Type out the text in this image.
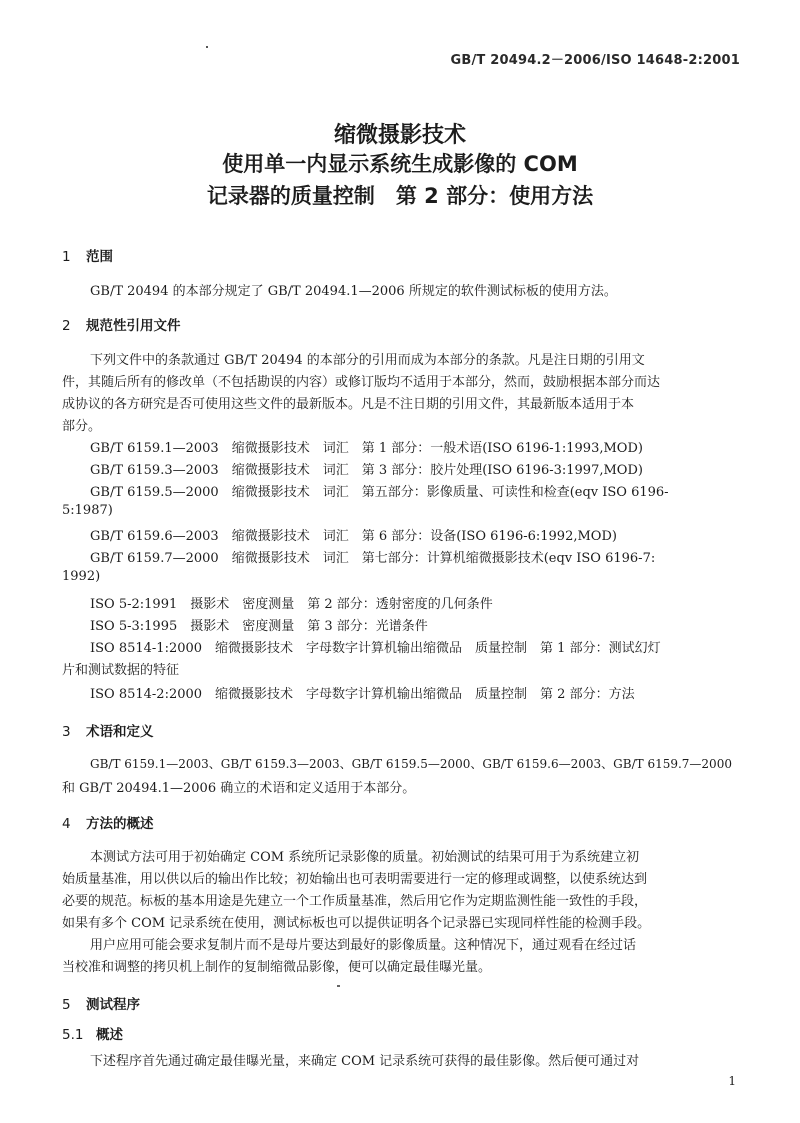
GB/T 20494.2－2006/ISO 14648-2:2001
缩微摄影技术
使用单一内显示系统生成影像的 COM
记录器的质量控制　第 2 部分：使用方法
1 范围
GB/T 20494 的本部分规定了 GB/T 20494.1—2006 所规定的软件测试标板的使用方法。
2 规范性引用文件
下列文件中的条款通过 GB/T 20494 的本部分的引用而成为本部分的条款。凡是注日期的引用文
件，其随后所有的修改单（不包括勘误的内容）或修订版均不适用于本部分，然而，鼓励根据本部分而达
成协议的各方研究是否可使用这些文件的最新版本。凡是不注日期的引用文件，其最新版本适用于本
部分。
GB/T 6159.1—2003　缩微摄影技术　词汇　第 1 部分：一般术语(ISO 6196-1:1993,MOD)
GB/T 6159.3—2003　缩微摄影技术　词汇　第 3 部分：胶片处理(ISO 6196-3:1997,MOD)
GB/T 6159.5—2000　缩微摄影技术　词汇　第五部分：影像质量、可读性和检查(eqv ISO 6196-
5:1987)
GB/T 6159.6—2003　缩微摄影技术　词汇　第 6 部分：设备(ISO 6196-6:1992,MOD)
GB/T 6159.7—2000　缩微摄影技术　词汇　第七部分：计算机缩微摄影技术(eqv ISO 6196-7:
1992)
ISO 5-2:1991　摄影术　密度测量　第 2 部分：透射密度的几何条件
ISO 5-3:1995　摄影术　密度测量　第 3 部分：光谱条件
ISO 8514-1:2000　缩微摄影技术　字母数字计算机输出缩微品　质量控制　第 1 部分：测试幻灯
片和测试数据的特征
ISO 8514-2:2000　缩微摄影技术　字母数字计算机输出缩微品　质量控制　第 2 部分：方法
3 术语和定义
GB/T 6159.1—2003、GB/T 6159.3—2003、GB/T 6159.5—2000、GB/T 6159.6—2003、GB/T 6159.7—2000
和 GB/T 20494.1—2006 确立的术语和定义适用于本部分。
4 方法的概述
本测试方法可用于初始确定 COM 系统所记录影像的质量。初始测试的结果可用于为系统建立初
始质量基准，用以供以后的输出作比较；初始输出也可表明需要进行一定的修理或调整，以使系统达到
必要的规范。标板的基本用途是先建立一个工作质量基准，然后用它作为定期监测性能一致性的手段，
如果有多个 COM 记录系统在使用，测试标板也可以提供证明各个记录器已实现同样性能的检测手段。
用户应用可能会要求复制片而不是母片要达到最好的影像质量。这种情况下，通过观看在经过话
当校准和调整的拷贝机上制作的复制缩微品影像，便可以确定最佳曝光量。
5 测试程序
5.1 概述
下述程序首先通过确定最佳曝光量，来确定 COM 记录系统可获得的最佳影像。然后便可通过对
1
